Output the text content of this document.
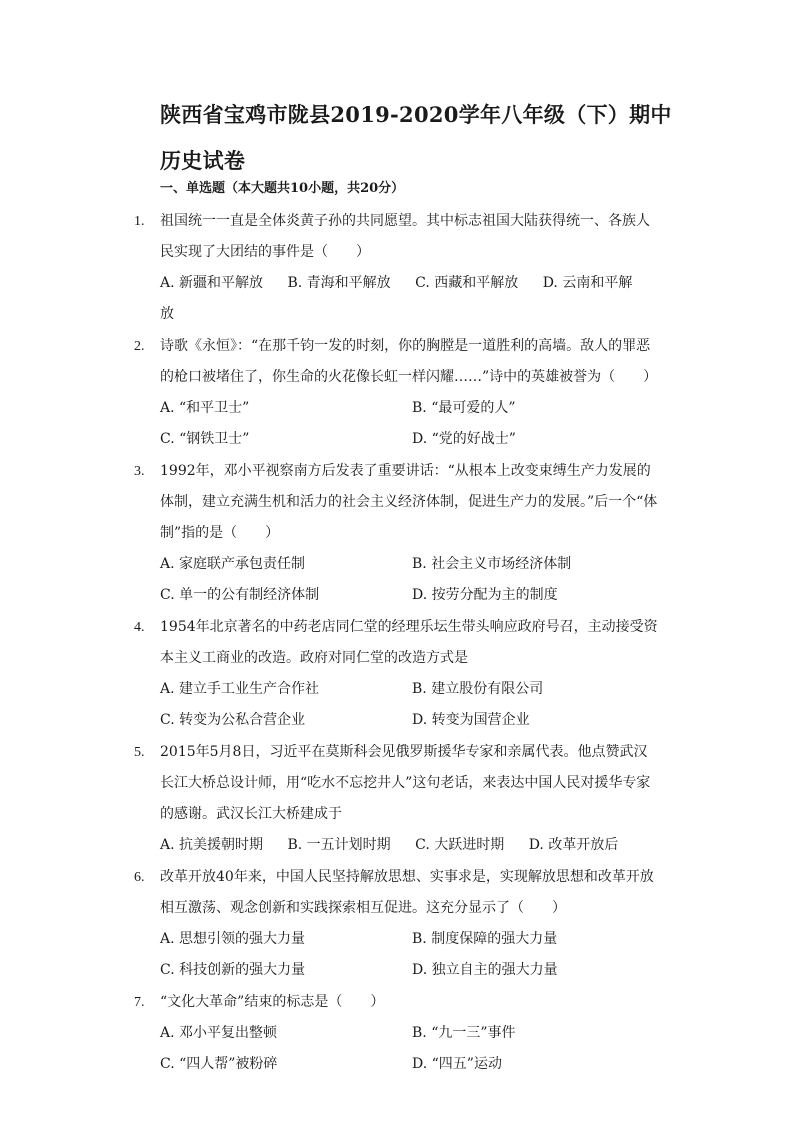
陕西省宝鸡市陇县2019-2020学年八年级（下）期中历史试卷
一、单选题（本大题共10小题，共20分）
1. 祖国统一一直是全体炎黄子孙的共同愿望。其中标志祖国大陆获得统一、各族人民实现了大团结的事件是（　　）
A. 新疆和平解放 B. 青海和平解放 C. 西藏和平解放 D. 云南和平解放
2. 诗歌《永恒》：“在那千钧一发的时刻，你的胸膛是一道胜利的高墙。敌人的罪恶的枪口被堵住了，你生命的火花像长虹一样闪耀……”诗中的英雄被誉为（　　）
A. “和平卫士”	B. “最可爱的人”
C. “钢铁卫士”	D. “党的好战士”
3. 1992年，邓小平视察南方后发表了重要讲话：“从根本上改变束缚生产力发展的体制，建立充满生机和活力的社会主义经济体制，促进生产力的发展。”后一个“体制”指的是（　　）
A. 家庭联产承包责任制	B. 社会主义市场经济体制
C. 单一的公有制经济体制	D. 按劳分配为主的制度
4. 1954年北京著名的中药老店同仁堂的经理乐坛生带头响应政府号召，主动接受资本主义工商业的改造。政府对同仁堂的改造方式是
A. 建立手工业生产合作社	B. 建立股份有限公司
C. 转变为公私合营企业	D. 转变为国营企业
5. 2015年5月8日，习近平在莫斯科会见俄罗斯援华专家和亲属代表。他点赞武汉长江大桥总设计师，用“吃水不忘挖井人”这句老话，来表达中国人民对援华专家的感谢。武汉长江大桥建成于
A. 抗美援朝时期 B. 一五计划时期 C. 大跃进时期 D. 改革开放后
6. 改革开放40年来，中国人民坚持解放思想、实事求是，实现解放思想和改革开放相互激荡、观念创新和实践探索相互促进。这充分显示了（　　）
A. 思想引领的强大力量	B. 制度保障的强大力量
C. 科技创新的强大力量	D. 独立自主的强大力量
7. “文化大革命”结束的标志是（　　）
A. 邓小平复出整顿	B. “九一三”事件
C. “四人帮”被粉碎	D. “四五”运动
